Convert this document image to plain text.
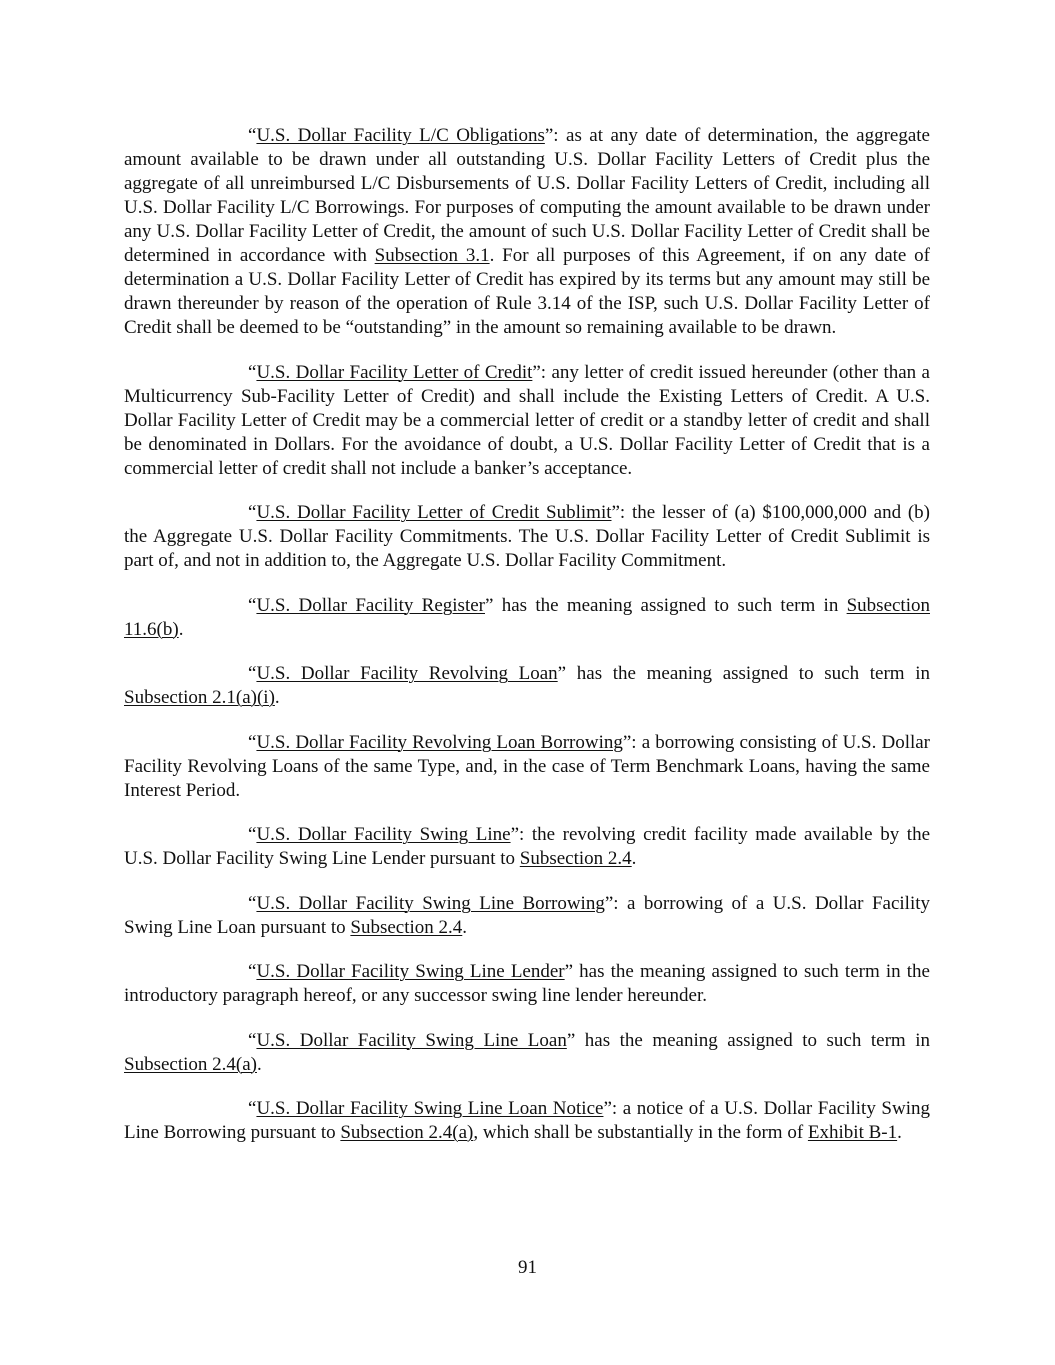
“U.S. Dollar Facility L/C Obligations”: as at any date of determination, the aggregate amount available to be drawn under all outstanding U.S. Dollar Facility Letters of Credit plus the aggregate of all unreimbursed L/C Disbursements of U.S. Dollar Facility Letters of Credit, including all U.S. Dollar Facility L/C Borrowings. For purposes of computing the amount available to be drawn under any U.S. Dollar Facility Letter of Credit, the amount of such U.S. Dollar Facility Letter of Credit shall be determined in accordance with Subsection 3.1. For all purposes of this Agreement, if on any date of determination a U.S. Dollar Facility Letter of Credit has expired by its terms but any amount may still be drawn thereunder by reason of the operation of Rule 3.14 of the ISP, such U.S. Dollar Facility Letter of Credit shall be deemed to be “outstanding” in the amount so remaining available to be drawn.

“U.S. Dollar Facility Letter of Credit”: any letter of credit issued hereunder (other than a Multicurrency Sub-Facility Letter of Credit) and shall include the Existing Letters of Credit. A U.S. Dollar Facility Letter of Credit may be a commercial letter of credit or a standby letter of credit and shall be denominated in Dollars. For the avoidance of doubt, a U.S. Dollar Facility Letter of Credit that is a commercial letter of credit shall not include a banker’s acceptance.

“U.S. Dollar Facility Letter of Credit Sublimit”: the lesser of (a) $100,000,000 and (b) the Aggregate U.S. Dollar Facility Commitments. The U.S. Dollar Facility Letter of Credit Sublimit is part of, and not in addition to, the Aggregate U.S. Dollar Facility Commitment.

“U.S. Dollar Facility Register” has the meaning assigned to such term in Subsection 11.6(b).

“U.S. Dollar Facility Revolving Loan” has the meaning assigned to such term in Subsection 2.1(a)(i).

“U.S. Dollar Facility Revolving Loan Borrowing”: a borrowing consisting of U.S. Dollar Facility Revolving Loans of the same Type, and, in the case of Term Benchmark Loans, having the same Interest Period.

“U.S. Dollar Facility Swing Line”: the revolving credit facility made available by the U.S. Dollar Facility Swing Line Lender pursuant to Subsection 2.4.

“U.S. Dollar Facility Swing Line Borrowing”: a borrowing of a U.S. Dollar Facility Swing Line Loan pursuant to Subsection 2.4.

“U.S. Dollar Facility Swing Line Lender” has the meaning assigned to such term in the introductory paragraph hereof, or any successor swing line lender hereunder.

“U.S. Dollar Facility Swing Line Loan” has the meaning assigned to such term in Subsection 2.4(a).

“U.S. Dollar Facility Swing Line Loan Notice”: a notice of a U.S. Dollar Facility Swing Line Borrowing pursuant to Subsection 2.4(a), which shall be substantially in the form of Exhibit B-1.

91
